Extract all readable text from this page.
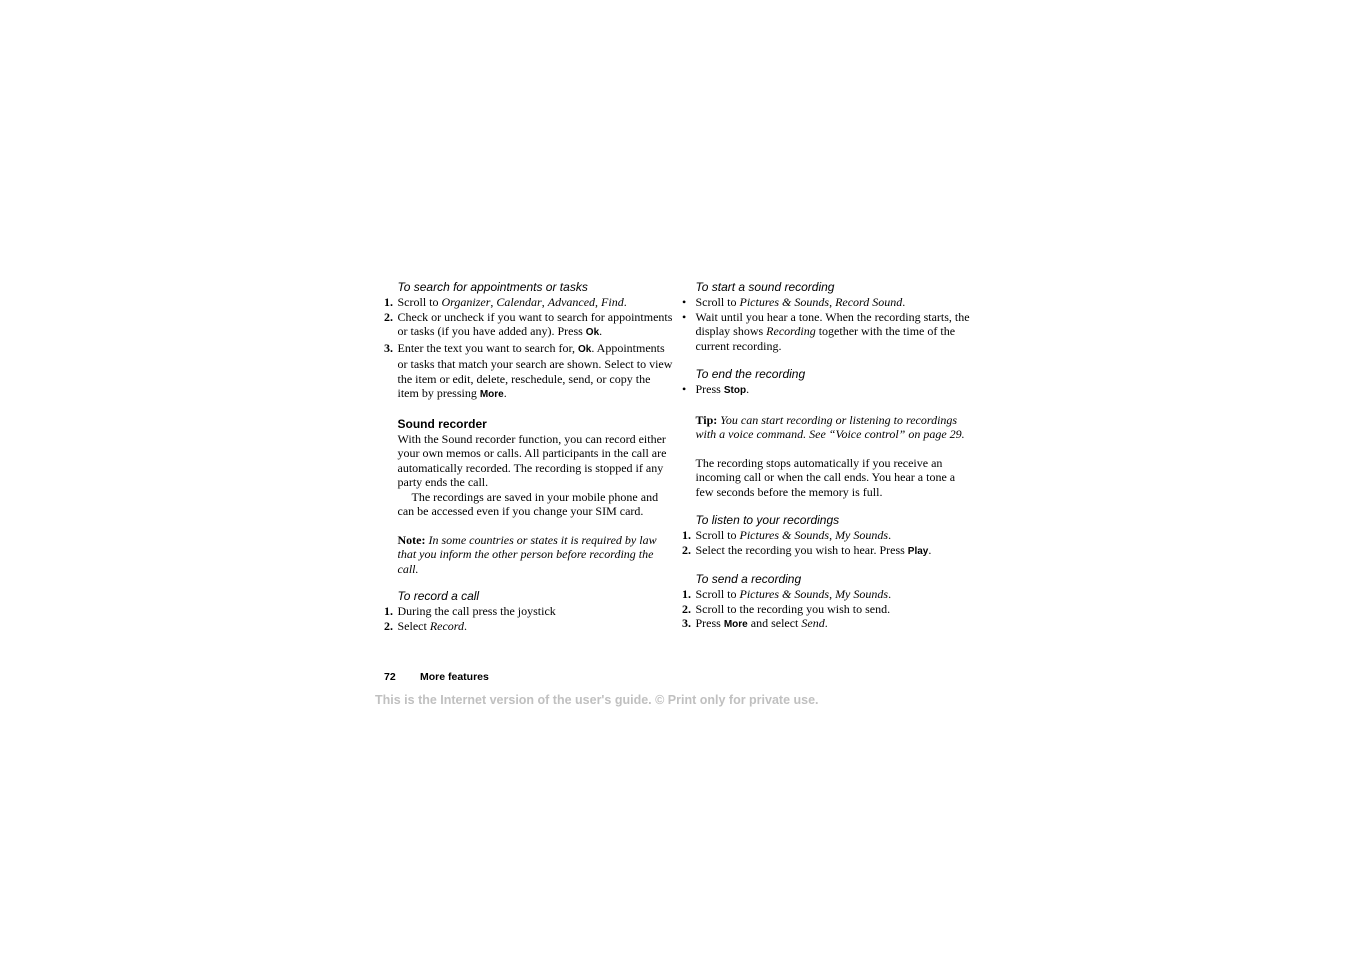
To search for appointments or tasks
1. Scroll to Organizer, Calendar, Advanced, Find.
2. Check or uncheck if you want to search for appointments or tasks (if you have added any). Press Ok.
3. Enter the text you want to search for, Ok. Appointments or tasks that match your search are shown. Select to view the item or edit, delete, reschedule, send, or copy the item by pressing More.
Sound recorder
With the Sound recorder function, you can record either your own memos or calls. All participants in the call are automatically recorded. The recording is stopped if any party ends the call.
The recordings are saved in your mobile phone and can be accessed even if you change your SIM card.
Note: In some countries or states it is required by law that you inform the other person before recording the call.
To record a call
1. During the call press the joystick
2. Select Record.
To start a sound recording
• Scroll to Pictures & Sounds, Record Sound.
• Wait until you hear a tone. When the recording starts, the display shows Recording together with the time of the current recording.
To end the recording
• Press Stop.
Tip: You can start recording or listening to recordings with a voice command. See “Voice control” on page 29.
The recording stops automatically if you receive an incoming call or when the call ends. You hear a tone a few seconds before the memory is full.
To listen to your recordings
1. Scroll to Pictures & Sounds, My Sounds.
2. Select the recording you wish to hear. Press Play.
To send a recording
1. Scroll to Pictures & Sounds, My Sounds.
2. Scroll to the recording you wish to send.
3. Press More and select Send.
72 More features
This is the Internet version of the user's guide. © Print only for private use.
